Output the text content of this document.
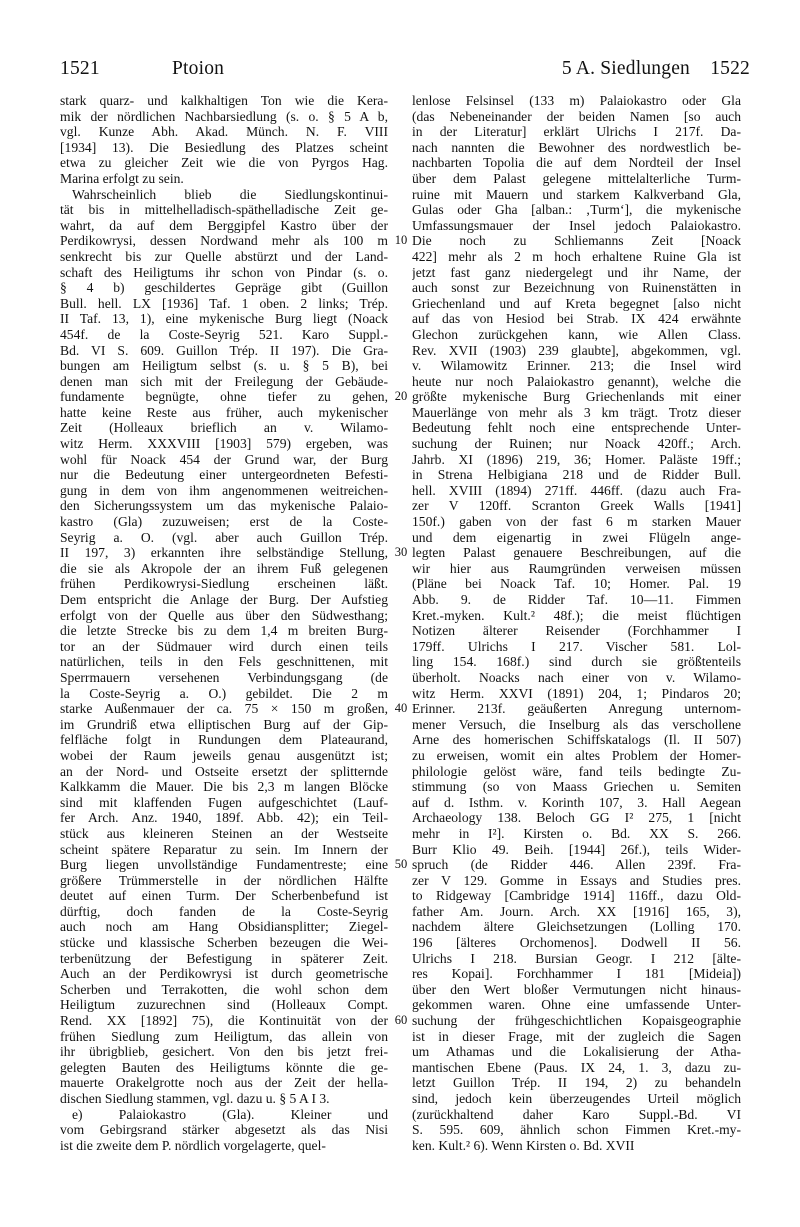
1521	Ptoion	5 A. Siedlungen 1522
stark quarz- und kalkhaltigen Ton wie die Kera-
mik der nördlichen Nachbarsiedlung (s. o. § 5 A b,
vgl. Kunze Abh. Akad. Münch. N. F. VIII
[1934] 13). Die Besiedlung des Platzes scheint
etwa zu gleicher Zeit wie die von Pyrgos Hag.
Marina erfolgt zu sein.
Wahrscheinlich blieb die Siedlungskontinui-
tät bis in mittelhelladisch-späthelladische Zeit ge-
wahrt, da auf dem Berggipfel Kastro über der
Perdikowrysi, dessen Nordwand mehr als 100 m
senkrecht bis zur Quelle abstürzt und der Land-
schaft des Heiligtums ihr schon von Pindar (s. o.
§ 4 b) geschildertes Gepräge gibt (Guillon
Bull. hell. LX [1936] Taf. 1 oben. 2 links; Trép.
II Taf. 13, 1), eine mykenische Burg liegt (Noack
454f. de la Coste-Seyrig 521. Karo Suppl.-
Bd. VI S. 609. Guillon Trép. II 197). Die Gra-
bungen am Heiligtum selbst (s. u. § 5 B), bei
denen man sich mit der Freilegung der Gebäude-
fundamente begnügte, ohne tiefer zu gehen,
hatte keine Reste aus früher, auch mykenischer
Zeit (Holleaux brieflich an v. Wilamo-
witz Herm. XXXVIII [1903] 579) ergeben, was
wohl für Noack 454 der Grund war, der Burg
nur die Bedeutung einer untergeordneten Befesti-
gung in dem von ihm angenommenen weitreichen-
den Sicherungssystem um das mykenische Palaio-
kastro (Gla) zuzuweisen; erst de la Coste-
Seyrig a. O. (vgl. aber auch Guillon Trép.
II 197, 3) erkannten ihre selbständige Stellung,
die sie als Akropole der an ihrem Fuß gelegenen
frühen Perdikowrysi-Siedlung erscheinen läßt.
Dem entspricht die Anlage der Burg. Der Aufstieg
erfolgt von der Quelle aus über den Südwesthang;
die letzte Strecke bis zu dem 1,4 m breiten Burg-
tor an der Südmauer wird durch einen teils
natürlichen, teils in den Fels geschnittenen, mit
Sperrmauern versehenen Verbindungsgang (de
la Coste-Seyrig a. O.) gebildet. Die 2 m
starke Außenmauer der ca. 75 × 150 m großen,
im Grundriß etwa elliptischen Burg auf der Gip-
felfläche folgt in Rundungen dem Plateaurand,
wobei der Raum jeweils genau ausgenützt ist;
an der Nord- und Ostseite ersetzt der splitternde
Kalkkamm die Mauer. Die bis 2,3 m langen Blöcke
sind mit klaffenden Fugen aufgeschichtet (Lauf-
fer Arch. Anz. 1940, 189f. Abb. 42); ein Teil-
stück aus kleineren Steinen an der Westseite
scheint spätere Reparatur zu sein. Im Innern der
Burg liegen unvollständige Fundamentreste; eine
größere Trümmerstelle in der nördlichen Hälfte
deutet auf einen Turm. Der Scherbenbefund ist
dürftig, doch fanden de la Coste-Seyrig
auch noch am Hang Obsidiansplitter; Ziegel-
stücke und klassische Scherben bezeugen die Wei-
terbenützung der Befestigung in späterer Zeit.
Auch an der Perdikowrysi ist durch geometrische
Scherben und Terrakotten, die wohl schon dem
Heiligtum zuzurechnen sind (Holleaux Compt.
Rend. XX [1892] 75), die Kontinuität von der
frühen Siedlung zum Heiligtum, das allein von
ihr übrigblieb, gesichert. Von den bis jetzt frei-
gelegten Bauten des Heiligtums könnte die ge-
mauerte Orakelgrotte noch aus der Zeit der hella-
dischen Siedlung stammen, vgl. dazu u. § 5 A I 3.
e) Palaiokastro (Gla). Kleiner und
vom Gebirgsrand stärker abgesetzt als das Nisi
ist die zweite dem P. nördlich vorgelagerte, quel-
10
20
30
40
50
60
lenlose Felsinsel (133 m) Palaiokastro oder Gla
(das Nebeneinander der beiden Namen [so auch
in der Literatur] erklärt Ulrichs I 217f. Da-
nach nannten die Bewohner des nordwestlich be-
nachbarten Topolia die auf dem Nordteil der Insel
über dem Palast gelegene mittelalterliche Turm-
ruine mit Mauern und starkem Kalkverband Gla,
Gulas oder Gha [alban.: ‚Turm‘], die mykenische
Umfassungsmauer der Insel jedoch Palaiokastro.
Die noch zu Schliemanns Zeit [Noack
422] mehr als 2 m hoch erhaltene Ruine Gla ist
jetzt fast ganz niedergelegt und ihr Name, der
auch sonst zur Bezeichnung von Ruinenstätten in
Griechenland und auf Kreta begegnet [also nicht
auf das von Hesiod bei Strab. IX 424 erwähnte
Glechon zurückgehen kann, wie Allen Class.
Rev. XVII (1903) 239 glaubte], abgekommen, vgl.
v. Wilamowitz Erinner. 213; die Insel wird
heute nur noch Palaiokastro genannt), welche die
größte mykenische Burg Griechenlands mit einer
Mauerlänge von mehr als 3 km trägt. Trotz dieser
Bedeutung fehlt noch eine entsprechende Unter-
suchung der Ruinen; nur Noack 420ff.; Arch.
Jahrb. XI (1896) 219, 36; Homer. Paläste 19ff.;
in Strena Helbigiana 218 und de Ridder Bull.
hell. XVIII (1894) 271ff. 446ff. (dazu auch Fra-
zer V 120ff. Scranton Greek Walls [1941]
150f.) gaben von der fast 6 m starken Mauer
und dem eigenartig in zwei Flügeln ange-
legten Palast genauere Beschreibungen, auf die
wir hier aus Raumgründen verweisen müssen
(Pläne bei Noack Taf. 10; Homer. Pal. 19
Abb. 9. de Ridder Taf. 10—11. Fimmen
Kret.-myken. Kult.² 48f.); die meist flüchtigen
Notizen älterer Reisender (Forchhammer I
179ff. Ulrichs I 217. Vischer 581. Lol-
ling 154. 168f.) sind durch sie größtenteils
überholt. Noacks nach einer von v. Wilamo-
witz Herm. XXVI (1891) 204, 1; Pindaros 20;
Erinner. 213f. geäußerten Anregung unternom-
mener Versuch, die Inselburg als das verschollene
Arne des homerischen Schiffskatalogs (Il. II 507)
zu erweisen, womit ein altes Problem der Homer-
philologie gelöst wäre, fand teils bedingte Zu-
stimmung (so von Maass Griechen u. Semiten
auf d. Isthm. v. Korinth 107, 3. Hall Aegean
Archaeology 138. Beloch GG I² 275, 1 [nicht
mehr in I²]. Kirsten o. Bd. XX S. 266.
Burr Klio 49. Beih. [1944] 26f.), teils Wider-
spruch (de Ridder 446. Allen 239f. Fra-
zer V 129. Gomme in Essays and Studies pres.
to Ridgeway [Cambridge 1914] 116ff., dazu Old-
father Am. Journ. Arch. XX [1916] 165, 3),
nachdem ältere Gleichsetzungen (Lolling 170.
196 [älteres Orchomenos]. Dodwell II 56.
Ulrichs I 218. Bursian Geogr. I 212 [älte-
res Kopai]. Forchhammer I 181 [Mideia])
über den Wert bloßer Vermutungen nicht hinaus-
gekommen waren. Ohne eine umfassende Unter-
suchung der frühgeschichtlichen Kopaisgeographie
ist in dieser Frage, mit der zugleich die Sagen
um Athamas und die Lokalisierung der Atha-
mantischen Ebene (Paus. IX 24, 1. 3, dazu zu-
letzt Guillon Trép. II 194, 2) zu behandeln
sind, jedoch kein überzeugendes Urteil möglich
(zurückhaltend daher Karo Suppl.-Bd. VI
S. 595. 609, ähnlich schon Fimmen Kret.-my-
ken. Kult.² 6). Wenn Kirsten o. Bd. XVII
